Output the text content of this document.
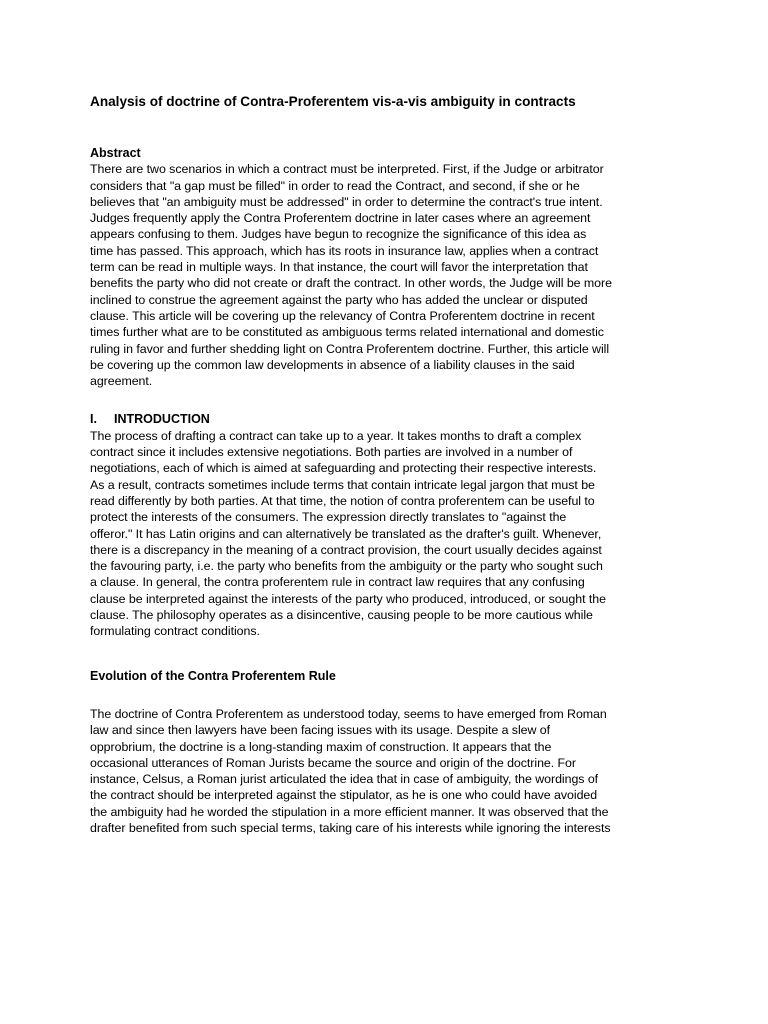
Analysis of doctrine of Contra-Proferentem vis-a-vis ambiguity in contracts
Abstract

There are two scenarios in which a contract must be interpreted. First, if the Judge or arbitrator
considers that "a gap must be filled" in order to read the Contract, and second, if she or he
believes that "an ambiguity must be addressed" in order to determine the contract's true intent.
Judges frequently apply the Contra Proferentem doctrine in later cases where an agreement
appears confusing to them. Judges have begun to recognize the significance of this idea as
time has passed. This approach, which has its roots in insurance law, applies when a contract
term can be read in multiple ways. In that instance, the court will favor the interpretation that
benefits the party who did not create or draft the contract. In other words, the Judge will be more
inclined to construe the agreement against the party who has added the unclear or disputed
clause. This article will be covering up the relevancy of Contra Proferentem doctrine in recent
times further what are to be constituted as ambiguous terms related international and domestic
ruling in favor and further shedding light on Contra Proferentem doctrine. Further, this article will
be covering up the common law developments in absence of a liability clauses in the said
agreement.

I.	INTRODUCTION

The process of drafting a contract can take up to a year. It takes months to draft a complex
contract since it includes extensive negotiations. Both parties are involved in a number of
negotiations, each of which is aimed at safeguarding and protecting their respective interests.
As a result, contracts sometimes include terms that contain intricate legal jargon that must be
read differently by both parties. At that time, the notion of contra proferentem can be useful to
protect the interests of the consumers. The expression directly translates to "against the
offeror." It has Latin origins and can alternatively be translated as the drafter's guilt. Whenever,
there is a discrepancy in the meaning of a contract provision, the court usually decides against
the favouring party, i.e. the party who benefits from the ambiguity or the party who sought such
a clause. In general, the contra proferentem rule in contract law requires that any confusing
clause be interpreted against the interests of the party who produced, introduced, or sought the
clause. The philosophy operates as a disincentive, causing people to be more cautious while
formulating contract conditions.

Evolution of the Contra Proferentem Rule

The doctrine of Contra Proferentem as understood today, seems to have emerged from Roman
law and since then lawyers have been facing issues with its usage. Despite a slew of
opprobrium, the doctrine is a long-standing maxim of construction. It appears that the
occasional utterances of Roman Jurists became the source and origin of the doctrine. For
instance, Celsus, a Roman jurist articulated the idea that in case of ambiguity, the wordings of
the contract should be interpreted against the stipulator, as he is one who could have avoided
the ambiguity had he worded the stipulation in a more efficient manner. It was observed that the
drafter benefited from such special terms, taking care of his interests while ignoring the interests
